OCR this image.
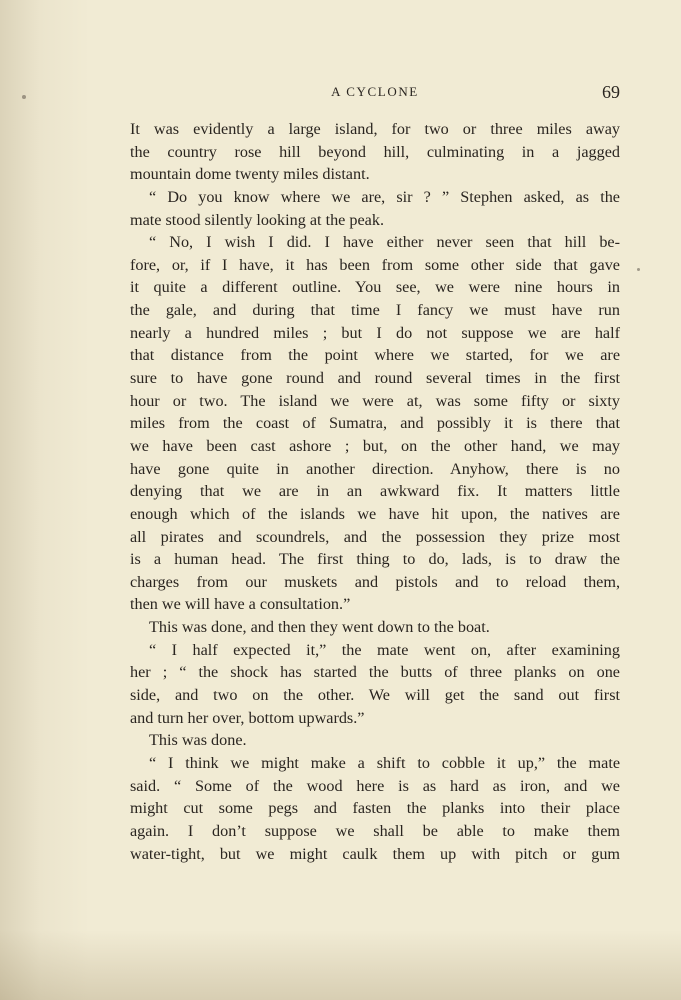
A CYCLONE	69
It was evidently a large island, for two or three miles away
the country rose hill beyond hill, culminating in a jagged
mountain dome twenty miles distant.
“ Do you know where we are, sir ? ” Stephen asked, as the
mate stood silently looking at the peak.
“ No, I wish I did. I have either never seen that hill be-
fore, or, if I have, it has been from some other side that gave
it quite a different outline. You see, we were nine hours in
the gale, and during that time I fancy we must have run
nearly a hundred miles ; but I do not suppose we are half
that distance from the point where we started, for we are
sure to have gone round and round several times in the first
hour or two. The island we were at, was some fifty or sixty
miles from the coast of Sumatra, and possibly it is there that
we have been cast ashore ; but, on the other hand, we may
have gone quite in another direction. Anyhow, there is no
denying that we are in an awkward fix. It matters little
enough which of the islands we have hit upon, the natives are
all pirates and scoundrels, and the possession they prize most
is a human head. The first thing to do, lads, is to draw the
charges from our muskets and pistols and to reload them,
then we will have a consultation.”
This was done, and then they went down to the boat.
“ I half expected it,” the mate went on, after examining
her ; “ the shock has started the butts of three planks on one
side, and two on the other. We will get the sand out first
and turn her over, bottom upwards.”
This was done.
“ I think we might make a shift to cobble it up,” the mate
said. “ Some of the wood here is as hard as iron, and we
might cut some pegs and fasten the planks into their place
again. I don’t suppose we shall be able to make them
water-tight, but we might caulk them up with pitch or gum
